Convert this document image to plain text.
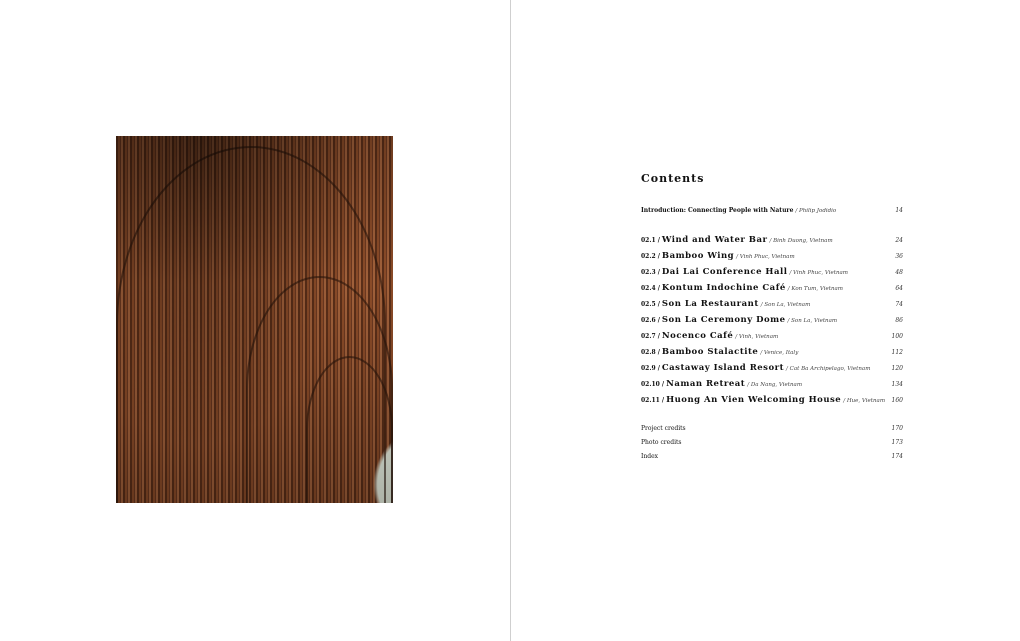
Contents
Introduction: Connecting People with Nature / Philip Jodidio	14
02.1 / Wind and Water Bar / Binh Duong, Vietnam	24
02.2 / Bamboo Wing / Vinh Phuc, Vietnam	36
02.3 / Dai Lai Conference Hall / Vinh Phuc, Vietnam	48
02.4 / Kontum Indochine Café / Kon Tum, Vietnam	64
02.5 / Son La Restaurant / Son La, Vietnam	74
02.6 / Son La Ceremony Dome / Son La, Vietnam	86
02.7 / Nocenco Café / Vinh, Vietnam	100
02.8 / Bamboo Stalactite / Venice, Italy	112
02.9 / Castaway Island Resort / Cat Ba Archipelago, Vietnam	120
02.10 / Naman Retreat / Da Nang, Vietnam	134
02.11 / Huong An Vien Welcoming House / Hue, Vietnam 160
Project credits	170
Photo credits	173
Index	174
